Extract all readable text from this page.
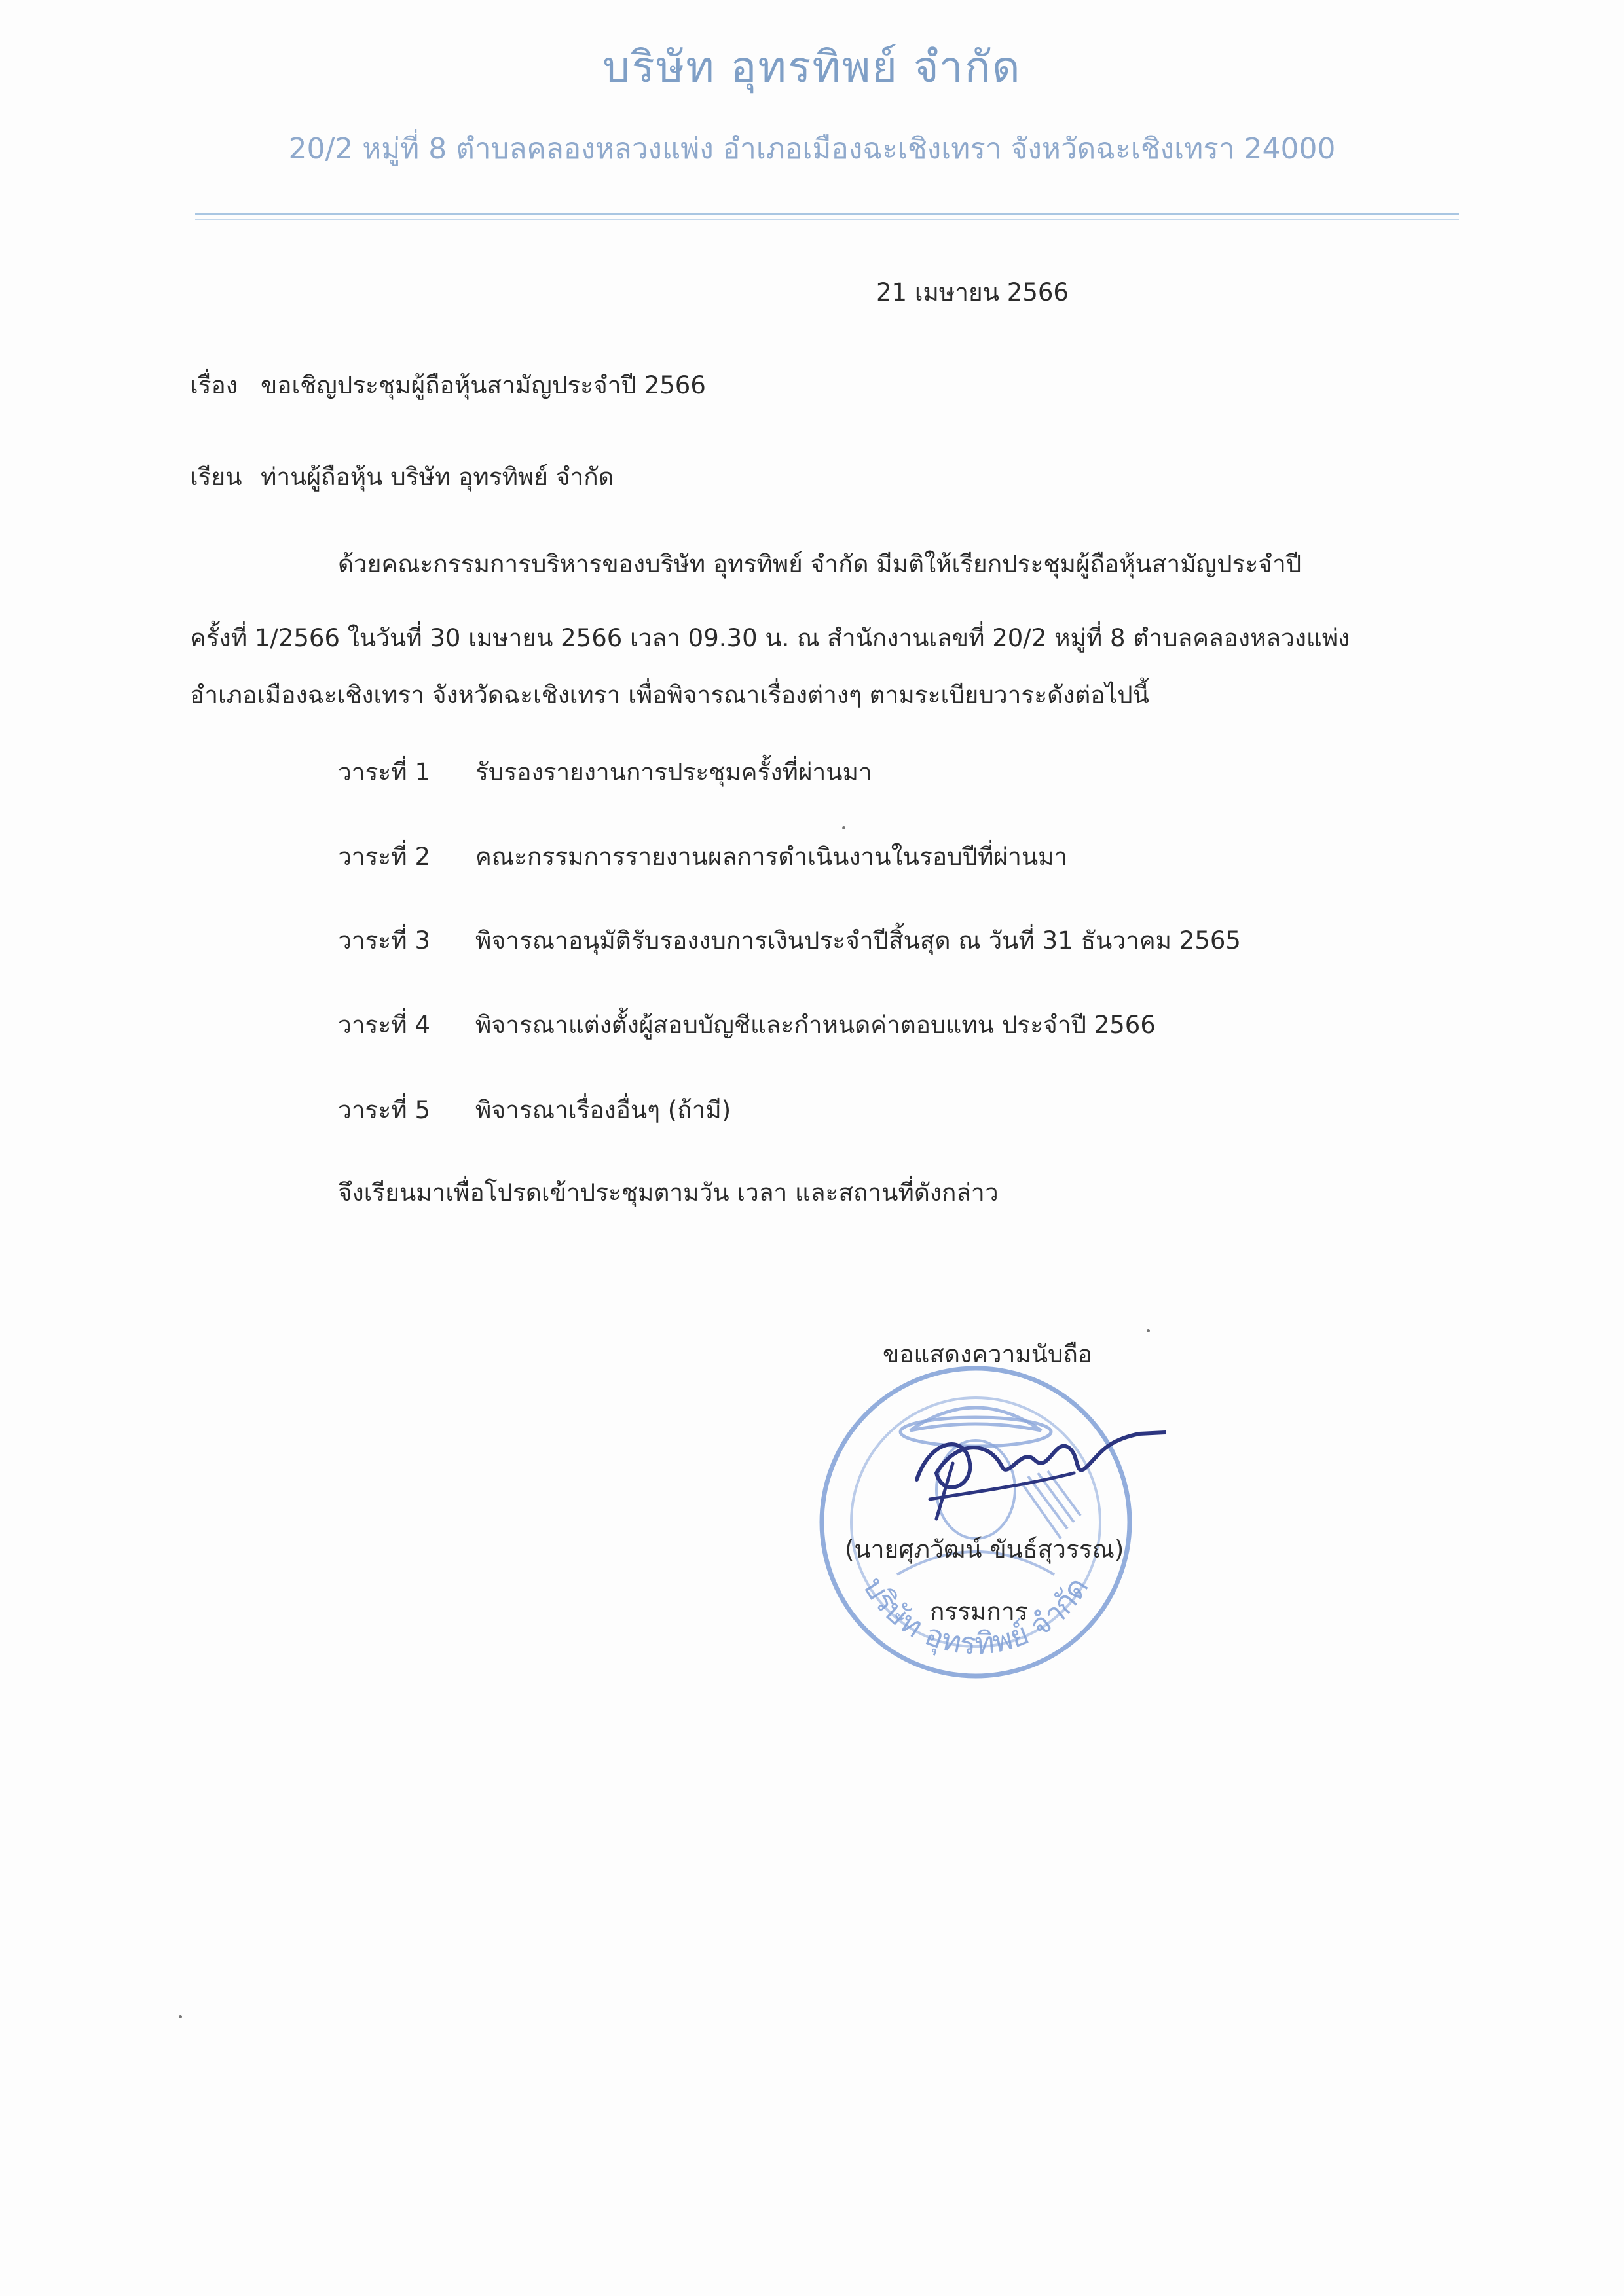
บริษัท อุทรทิพย์ จำกัด
20/2 หมู่ที่ 8 ตำบลคลองหลวงแพ่ง อำเภอเมืองฉะเชิงเทรา จังหวัดฉะเชิงเทรา 24000
21 เมษายน 2566
เรื่อง ขอเชิญประชุมผู้ถือหุ้นสามัญประจำปี 2566
เรียน ท่านผู้ถือหุ้น บริษัท อุทรทิพย์ จำกัด
ด้วยคณะกรรมการบริหารของบริษัท อุทรทิพย์ จำกัด มีมติให้เรียกประชุมผู้ถือหุ้นสามัญประจำปี
ครั้งที่ 1/2566 ในวันที่ 30 เมษายน 2566 เวลา 09.30 น. ณ สำนักงานเลขที่ 20/2 หมู่ที่ 8 ตำบลคลองหลวงแพ่ง
อำเภอเมืองฉะเชิงเทรา จังหวัดฉะเชิงเทรา เพื่อพิจารณาเรื่องต่างๆ ตามระเบียบวาระดังต่อไปนี้
วาระที่ 1 รับรองรายงานการประชุมครั้งที่ผ่านมา
วาระที่ 2 คณะกรรมการรายงานผลการดำเนินงานในรอบปีที่ผ่านมา
วาระที่ 3 พิจารณาอนุมัติรับรองงบการเงินประจำปีสิ้นสุด ณ วันที่ 31 ธันวาคม 2565
วาระที่ 4 พิจารณาแต่งตั้งผู้สอบบัญชีและกำหนดค่าตอบแทน ประจำปี 2566
วาระที่ 5 พิจารณาเรื่องอื่นๆ (ถ้ามี)
จึงเรียนมาเพื่อโปรดเข้าประชุมตามวัน เวลา และสถานที่ดังกล่าว
บริษัท อุทรทิพย์ จำกัด
ขอแสดงความนับถือ
(นายศุภวัฒน์ ขันธ์สุวรรณ)
กรรมการ
